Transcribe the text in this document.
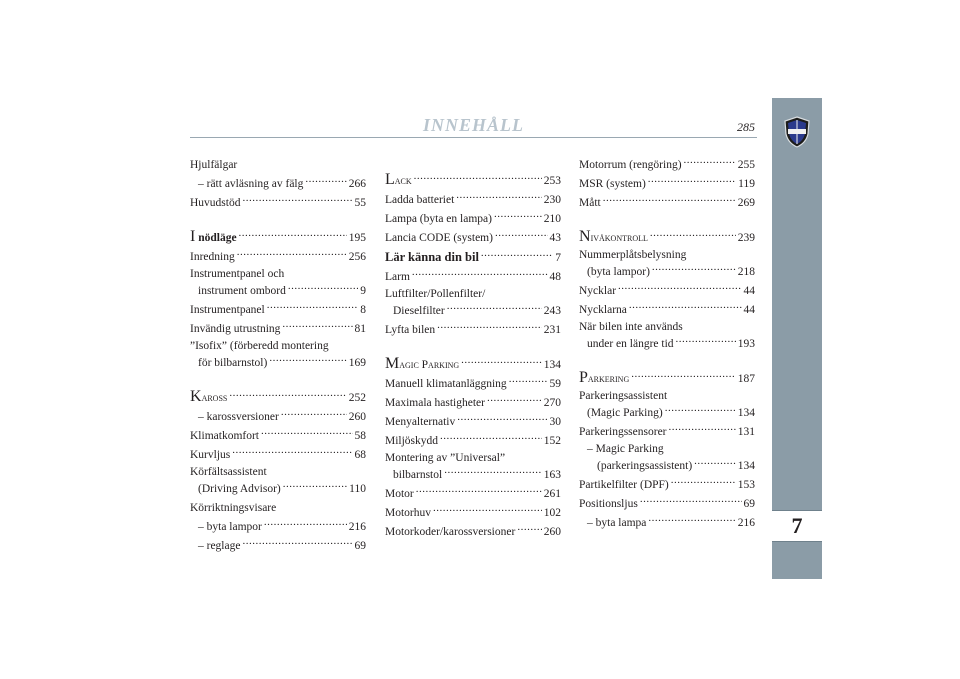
INNEHÅLL	285
7
Hjulfälgar
– rätt avläsning av fälg .....	266
Huvudstöd .....	55
I nödläge .....	195
Inredning .....	256
Instrumentpanel och
instrument ombord .....	9
Instrumentpanel .....	8
Invändig utrustning .....	81
”Isofix” (förberedd montering
för bilbarnstol) .....	169
Kaross .....	252
– karossversioner .....	260
Klimatkomfort .....	58
Kurvljus .....	68
Körfältsassistent
(Driving Advisor) .....	110
Körriktningsvisare
– byta lampor .....	216
– reglage .....	69
Lack .....	253
Ladda batteriet .....	230
Lampa (byta en lampa) .....	210
Lancia CODE (system) .....	43
Lär känna din bil .....	7
Larm .....	48
Luftfilter/Pollenfilter/
Dieselfilter .....	243
Lyfta bilen .....	231
Magic Parking .....	134
Manuell klimatanläggning .....	59
Maximala hastigheter .....	270
Menyalternativ .....	30
Miljöskydd .....	152
Montering av ”Universal”
bilbarnstol .....	163
Motor .....	261
Motorhuv .....	102
Motorkoder/karossversioner ..... 260
Motorrum (rengöring) .....	255
MSR (system) .....	119
Mått .....	269
Nivåkontroll .....	239
Nummerplåtsbelysning
(byta lampor) .....	218
Nycklar .....	44
Nycklarna .....	44
När bilen inte används
under en längre tid .....	193
Parkering .....	187
Parkeringsassistent
(Magic Parking) .....	134
Parkeringssensorer .....	131
– Magic Parking
(parkeringsassistent) .....	134
Partikelfilter (DPF) .....	153
Positionsljus .....	69
– byta lampa .....	216
